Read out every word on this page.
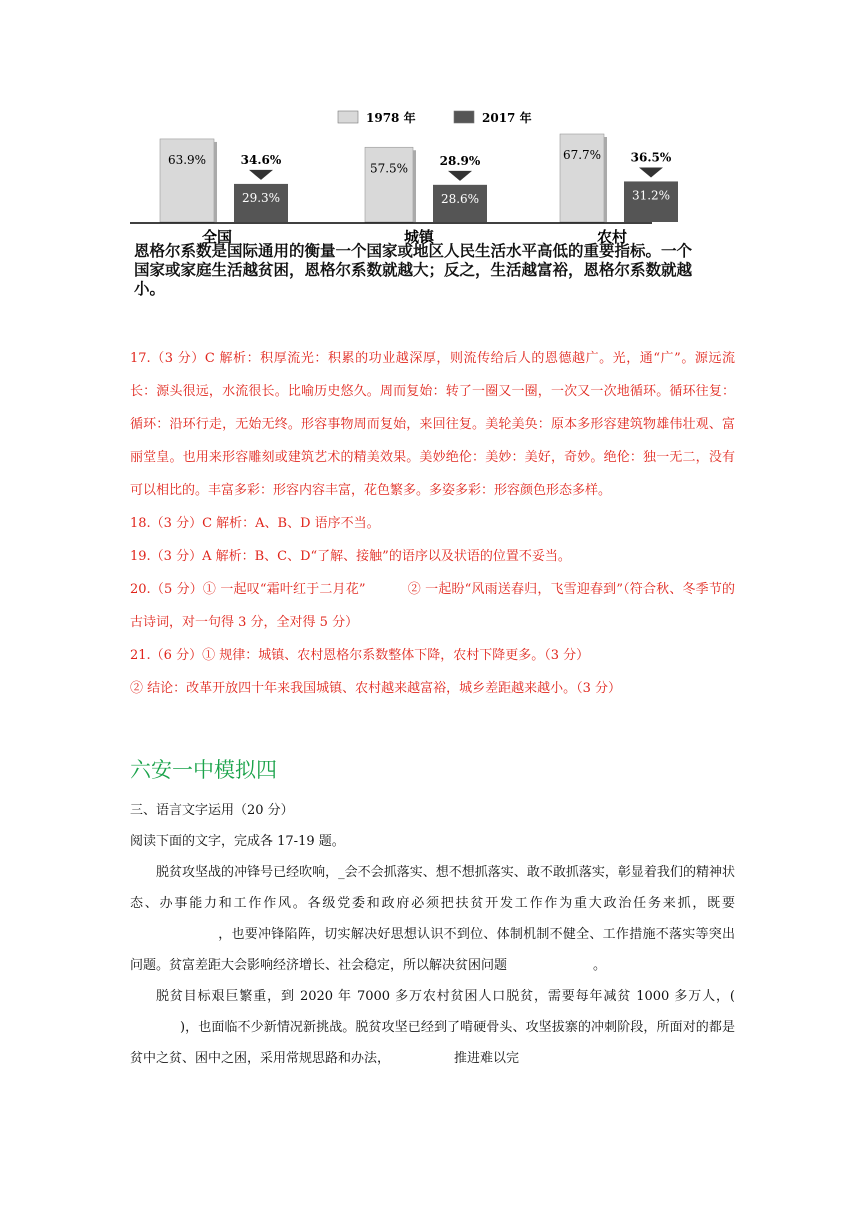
1978 年	2017 年
63.9%
29.3%
34.6%
57.5%
28.6%
28.9%	67.7%
31.2%
36.5%
全国	城镇	农村
恩格尔系数是国际通用的衡量一个国家或地区人民生活水平高低的重要指标。一个国家或家庭生活越贫困，恩格尔系数就越大；反之，生活越富裕，恩格尔系数就越小。

17.（3 分）C 解析：积厚流光：积累的功业越深厚，则流传给后人的恩德越广。光，通“广”。源远流长：源头很远，水流很长。比喻历史悠久。周而复始：转了一圈又一圈，一次又一次地循环。循环往复：循环：沿环行走，无始无终。形容事物周而复始，来回往复。美轮美奂：原本多形容建筑物雄伟壮观、富丽堂皇。也用来形容雕刻或建筑艺术的精美效果。美妙绝伦：美妙：美好，奇妙。绝伦：独一无二，没有可以相比的。丰富多彩：形容内容丰富，花色繁多。多姿多彩：形容颜色形态多样。

18.（3 分）C 解析：A、B、D 语序不当。

19.（3 分）A 解析：B、C、D“了解、接触”的语序以及状语的位置不妥当。

20.（5 分）① 一起叹“霜叶红于二月花”	② 一起盼“风雨送春归，飞雪迎春到”（符合秋、冬季节的古诗词，对一句得 3 分，全对得 5 分）

21.（6 分）① 规律：城镇、农村恩格尔系数整体下降，农村下降更多。（3 分）

② 结论：改革开放四十年来我国城镇、农村越来越富裕，城乡差距越来越小。（3 分）

六安一中模拟四

三、语言文字运用（20 分）

阅读下面的文字，完成各 17-19 题。

脱贫攻坚战的冲锋号已经吹响，_会不会抓落实、想不想抓落实、敢不敢抓落实，彰显着我们的精神状态、办事能力和工作作风。各级党委和政府必须把扶贫开发工作作为重大政治任务来抓，既要，也要冲锋陷阵，切实解决好思想认识不到位、体制机制不健全、工作措施不落实等突出问题。贫富差距大会影响经济增长、社会稳定，所以解决贫困问题	。

脱贫目标艰巨繁重，到 2020 年 7000 多万农村贫困人口脱贫，需要每年减贫 1000 多万人，()，也面临不少新情况新挑战。脱贫攻坚已经到了啃硬骨头、攻坚拔寨的冲刺阶段，所面对的都是贫中之贫、困中之困，采用常规思路和办法，	推进难以完
